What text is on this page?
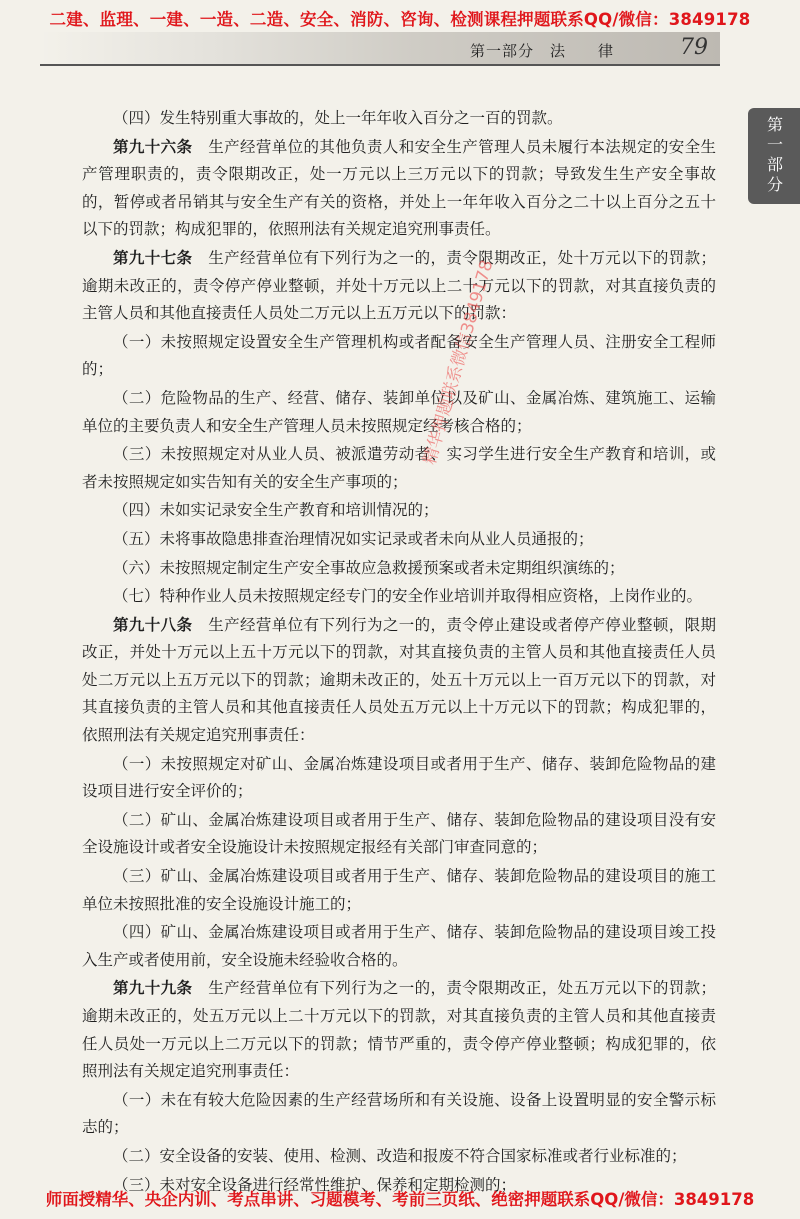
二建、监理、一建、一造、二造、安全、消防、咨询、检测课程押题联系QQ/微信：3849178
第一部分　法　　律	79
第一部分

（四）发生特别重大事故的，处上一年年收入百分之一百的罚款。

第九十六条　生产经营单位的其他负责人和安全生产管理人员未履行本法规定的安全生产管理职责的，责令限期改正，处一万元以上三万元以下的罚款；导致发生生产安全事故的，暂停或者吊销其与安全生产有关的资格，并处上一年年收入百分之二十以上百分之五十以下的罚款；构成犯罪的，依照刑法有关规定追究刑事责任。

第九十七条　生产经营单位有下列行为之一的，责令限期改正，处十万元以下的罚款；逾期未改正的，责令停产停业整顿，并处十万元以上二十万元以下的罚款，对其直接负责的主管人员和其他直接责任人员处二万元以上五万元以下的罚款：

（一）未按照规定设置安全生产管理机构或者配备安全生产管理人员、注册安全工程师的；

（二）危险物品的生产、经营、储存、装卸单位以及矿山、金属冶炼、建筑施工、运输单位的主要负责人和安全生产管理人员未按照规定经考核合格的；

（三）未按照规定对从业人员、被派遣劳动者、实习学生进行安全生产教育和培训，或者未按照规定如实告知有关的安全生产事项的；

（四）未如实记录安全生产教育和培训情况的；

（五）未将事故隐患排查治理情况如实记录或者未向从业人员通报的；

（六）未按照规定制定生产安全事故应急救援预案或者未定期组织演练的；

（七）特种作业人员未按照规定经专门的安全作业培训并取得相应资格，上岗作业的。

第九十八条　生产经营单位有下列行为之一的，责令停止建设或者停产停业整顿，限期改正，并处十万元以上五十万元以下的罚款，对其直接负责的主管人员和其他直接责任人员处二万元以上五万元以下的罚款；逾期未改正的，处五十万元以上一百万元以下的罚款，对其直接负责的主管人员和其他直接责任人员处五万元以上十万元以下的罚款；构成犯罪的，依照刑法有关规定追究刑事责任：

（一）未按照规定对矿山、金属冶炼建设项目或者用于生产、储存、装卸危险物品的建设项目进行安全评价的；

（二）矿山、金属冶炼建设项目或者用于生产、储存、装卸危险物品的建设项目没有安全设施设计或者安全设施设计未按照规定报经有关部门审查同意的；

（三）矿山、金属冶炼建设项目或者用于生产、储存、装卸危险物品的建设项目的施工单位未按照批准的安全设施设计施工的；

（四）矿山、金属冶炼建设项目或者用于生产、储存、装卸危险物品的建设项目竣工投入生产或者使用前，安全设施未经验收合格的。

第九十九条　生产经营单位有下列行为之一的，责令限期改正，处五万元以下的罚款；逾期未改正的，处五万元以上二十万元以下的罚款，对其直接负责的主管人员和其他直接责任人员处一万元以上二万元以下的罚款；情节严重的，责令停产停业整顿；构成犯罪的，依照刑法有关规定追究刑事责任：

（一）未在有较大危险因素的生产经营场所和有关设施、设备上设置明显的安全警示标志的；

（二）安全设备的安装、使用、检测、改造和报废不符合国家标准或者行业标准的；

（三）未对安全设备进行经常性维护、保养和定期检测的；

精华押题联系微信3849178
师面授精华、央企内训、考点串讲、习题模考、考前三页纸、绝密押题联系QQ/微信：3849178
